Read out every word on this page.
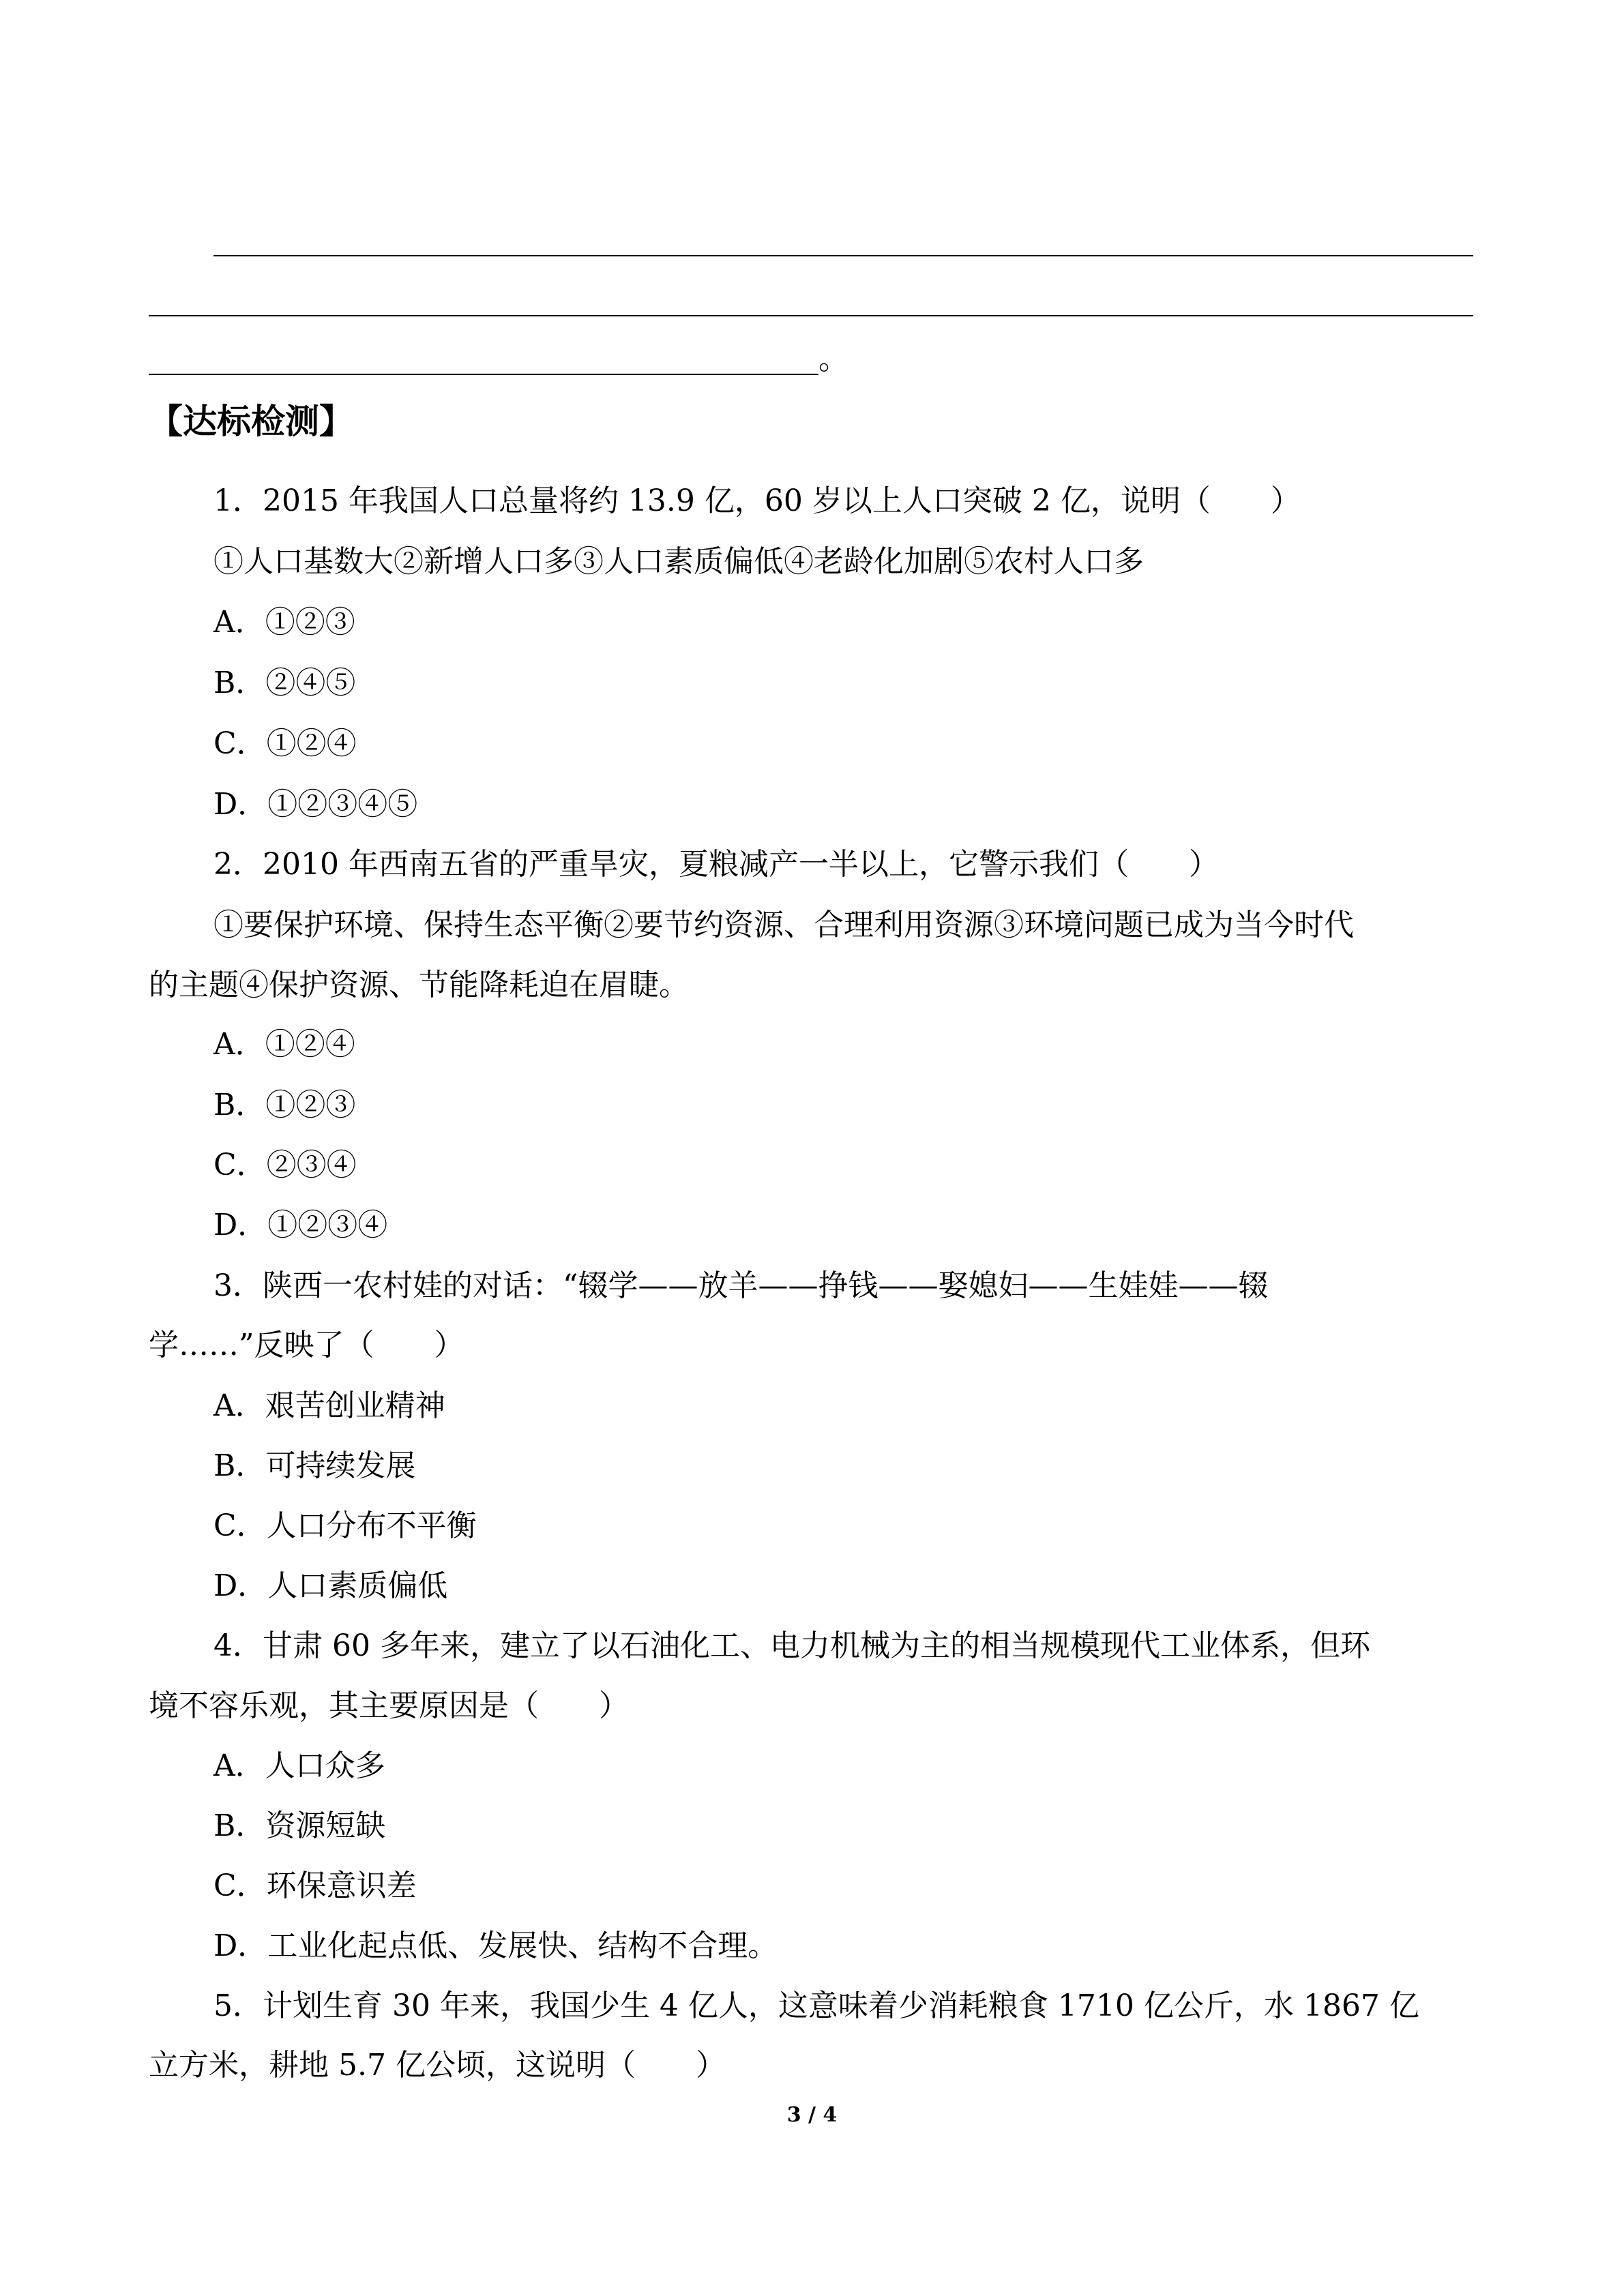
。
【达标检测】
1．2015 年我国人口总量将约 13.9 亿，60 岁以上人口突破 2 亿，说明（　　）
①人口基数大②新增人口多③人口素质偏低④老龄化加剧⑤农村人口多
A．①②③
B．②④⑤
C．①②④
D．①②③④⑤
2．2010 年西南五省的严重旱灾，夏粮减产一半以上，它警示我们（　　）
①要保护环境、保持生态平衡②要节约资源、合理利用资源③环境问题已成为当今时代
的主题④保护资源、节能降耗迫在眉睫。
A．①②④
B．①②③
C．②③④
D．①②③④
3．陕西一农村娃的对话：“辍学——放羊——挣钱——娶媳妇——生娃娃——辍
学……”反映了（　　）
A．艰苦创业精神
B．可持续发展
C．人口分布不平衡
D．人口素质偏低
4．甘肃 60 多年来，建立了以石油化工、电力机械为主的相当规模现代工业体系，但环
境不容乐观，其主要原因是（　　）
A．人口众多
B．资源短缺
C．环保意识差
D．工业化起点低、发展快、结构不合理。
5．计划生育 30 年来，我国少生 4 亿人，这意味着少消耗粮食 1710 亿公斤，水 1867 亿
立方米，耕地 5.7 亿公顷，这说明（　　）
3 / 4
